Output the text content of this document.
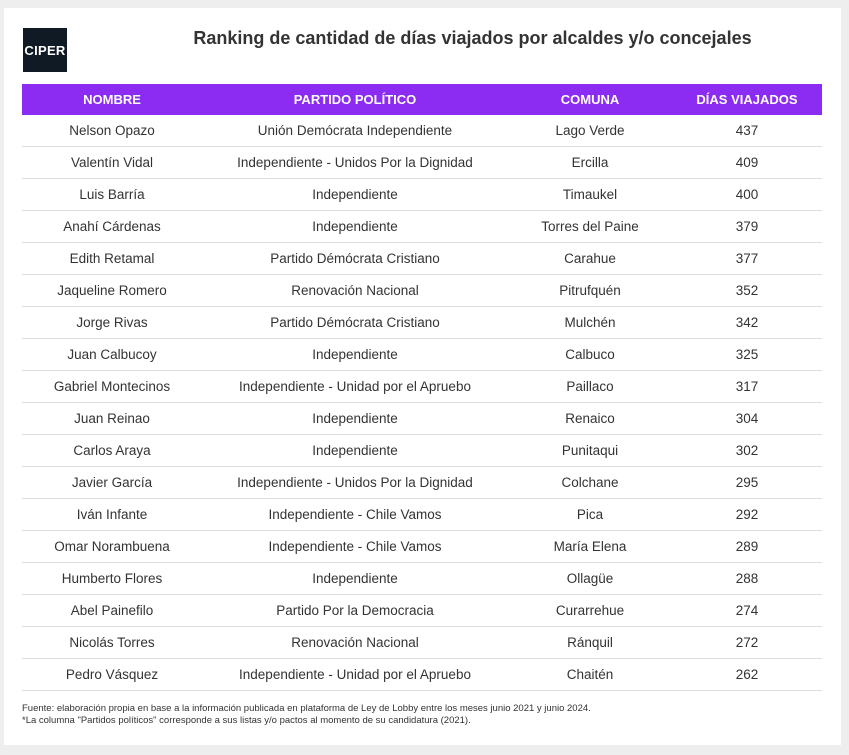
CIPER
Ranking de cantidad de días viajados por alcaldes y/o concejales
NOMBRE	PARTIDO POLÍTICO	COMUNA	DÍAS VIAJADOS
Nelson Opazo	Unión Demócrata Independiente	Lago Verde	437
Valentín Vidal	Independiente - Unidos Por la Dignidad	Ercilla	409
Luis Barría	Independiente	Timaukel	400
Anahí Cárdenas	Independiente	Torres del Paine	379
Edith Retamal	Partido Démócrata Cristiano	Carahue	377
Jaqueline Romero	Renovación Nacional	Pitrufquén	352
Jorge Rivas	Partido Démócrata Cristiano	Mulchén	342
Juan Calbucoy	Independiente	Calbuco	325
Gabriel Montecinos	Independiente - Unidad por el Apruebo	Paillaco	317
Juan Reinao	Independiente	Renaico	304
Carlos Araya	Independiente	Punitaqui	302
Javier García	Independiente - Unidos Por la Dignidad	Colchane	295
Iván Infante	Independiente - Chile Vamos	Pica	292
Omar Norambuena	Independiente - Chile Vamos	María Elena	289
Humberto Flores	Independiente	Ollagüe	288
Abel Painefilo	Partido Por la Democracia	Curarrehue	274
Nicolás Torres	Renovación Nacional	Ránquil	272
Pedro Vásquez	Independiente - Unidad por el Apruebo	Chaitén	262
Fuente: elaboración propia en base a la información publicada en plataforma de Ley de Lobby entre los meses junio 2021 y junio 2024.
*La columna "Partidos políticos" corresponde a sus listas y/o pactos al momento de su candidatura (2021).
